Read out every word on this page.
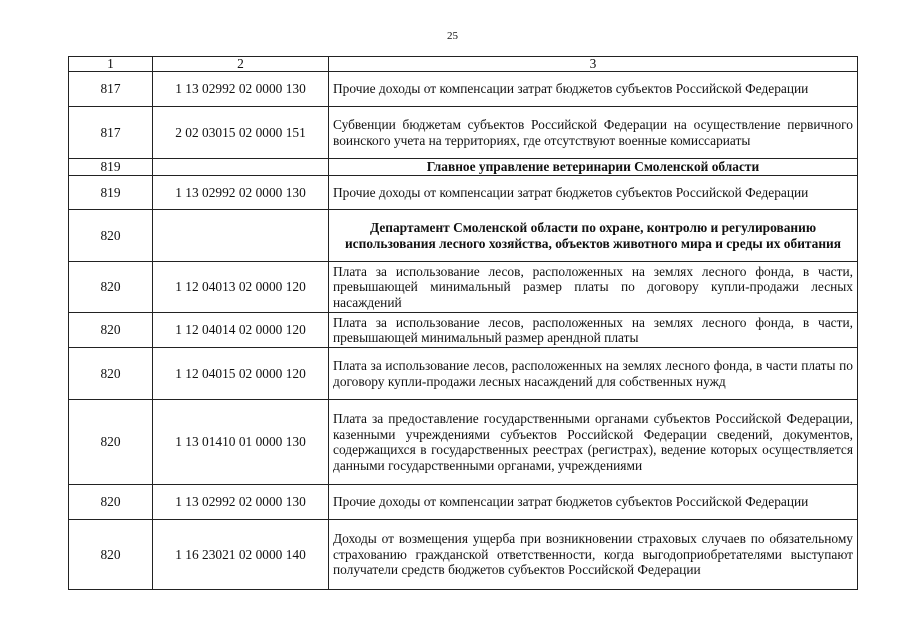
25
1	2	3
817	1 13 02992 02 0000 130	Прочие доходы от компенсации затрат бюджетов субъектов Российской Федерации
817	2 02 03015 02 0000 151	Субвенции бюджетам субъектов Российской Федерации на осуществление первичного воинского учета на территориях, где отсутствуют военные комиссариаты
819		Главное управление ветеринарии Смоленской области
819	1 13 02992 02 0000 130	Прочие доходы от компенсации затрат бюджетов субъектов Российской Федерации
820		Департамент Смоленской области по охране, контролю и регулированию использования лесного хозяйства, объектов животного мира и среды их обитания
820	1 12 04013 02 0000 120	Плата за использование лесов, расположенных на землях лесного фонда, в части, превышающей минимальный размер платы по договору купли-продажи лесных насаждений
820	1 12 04014 02 0000 120	Плата за использование лесов, расположенных на землях лесного фонда, в части, превышающей минимальный размер арендной платы
820	1 12 04015 02 0000 120	Плата за использование лесов, расположенных на землях лесного фонда, в части платы по договору купли-продажи лесных насаждений для собственных нужд
820	1 13 01410 01 0000 130	Плата за предоставление государственными органами субъектов Российской Федерации, казенными учреждениями субъектов Российской Федерации сведений, документов, содержащихся в государственных реестрах (регистрах), ведение которых осуществляется данными государственными органами, учреждениями
820	1 13 02992 02 0000 130	Прочие доходы от компенсации затрат бюджетов субъектов Российской Федерации
820	1 16 23021 02 0000 140	Доходы от возмещения ущерба при возникновении страховых случаев по обязательному страхованию гражданской ответственности, когда выгодоприобретателями выступают получатели средств бюджетов субъектов Российской Федерации
